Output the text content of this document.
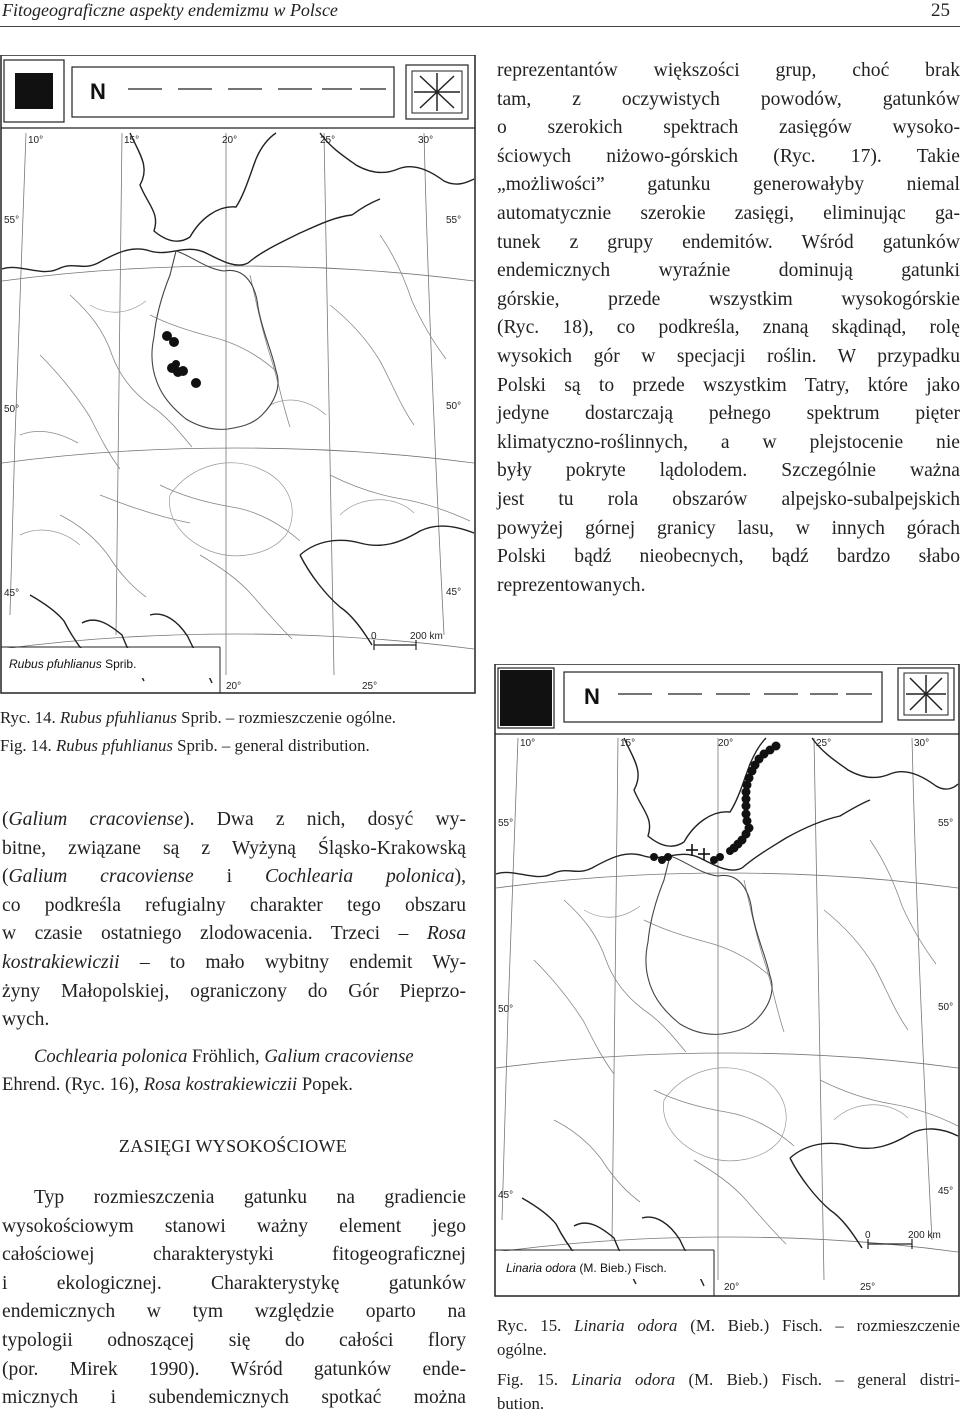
Fitogeograficzne aspekty endemizmu w Polsce	25
N
10°	15°	20°	25°	30°
55°
50°
45°
55°
50°
45°
20°	25°
0	200 km
Rubus pfuhlianus Sprib.
reprezentantów większości grup, choć brak
tam, z oczywistych powodów, gatunków
o szerokich spektrach zasięgów wysoko-
ściowych niżowo-górskich (Ryc. 17). Takie
„możliwości” gatunku generowałyby niemal
automatycznie szerokie zasięgi, eliminując ga-
tunek z grupy endemitów. Wśród gatunków
endemicznych wyraźnie dominują gatunki
górskie, przede wszystkim wysokogórskie
(Ryc. 18), co podkreśla, znaną skądinąd, rolę
wysokich gór w specjacji roślin. W przypadku
Polski są to przede wszystkim Tatry, które jako
jedyne dostarczają pełnego spektrum pięter
klimatyczno-roślinnych, a w plejstocenie nie
były pokryte lądolodem. Szczególnie ważna
jest tu rola obszarów alpejsko-subalpejskich
powyżej górnej granicy lasu, w innych górach
Polski bądź nieobecnych, bądź bardzo słabo
reprezentowanych.
Ryc. 14. Rubus pfuhlianus Sprib. – rozmieszczenie ogólne.
Fig. 14. Rubus pfuhlianus Sprib. – general distribution.
N
10°	15°	20°	25°	30°
55°
50°
45°
55°
50°
45°
20°	25°
0	200 km
Linaria odora (M. Bieb.) Fisch.
(Galium cracoviense). Dwa z nich, dosyć wy-
bitne, związane są z Wyżyną Śląsko-Krakowską
(Galium cracoviense i Cochlearia polonica),
co podkreśla refugialny charakter tego obszaru
w czasie ostatniego zlodowacenia. Trzeci – Rosa
kostrakiewiczii – to mało wybitny endemit Wy-
żyny Małopolskiej, ograniczony do Gór Pieprzo-
wych.
Cochlearia polonica Fröhlich, Galium cracoviense
Ehrend. (Ryc. 16), Rosa kostrakiewiczii Popek.
ZASIĘGI WYSOKOŚCIOWE
Typ rozmieszczenia gatunku na gradiencie
wysokościowym stanowi ważny element jego
całościowej charakterystyki fitogeograficznej
i ekologicznej. Charakterystykę gatunków
endemicznych w tym względzie oparto na
typologii odnoszącej się do całości flory
(por. Mirek 1990). Wśród gatunków ende-
micznych i subendemicznych spotkać można
Ryc. 15. Linaria odora (M. Bieb.) Fisch. – rozmieszczenie
ogólne.
Fig. 15. Linaria odora (M. Bieb.) Fisch. – general distri-
bution.
